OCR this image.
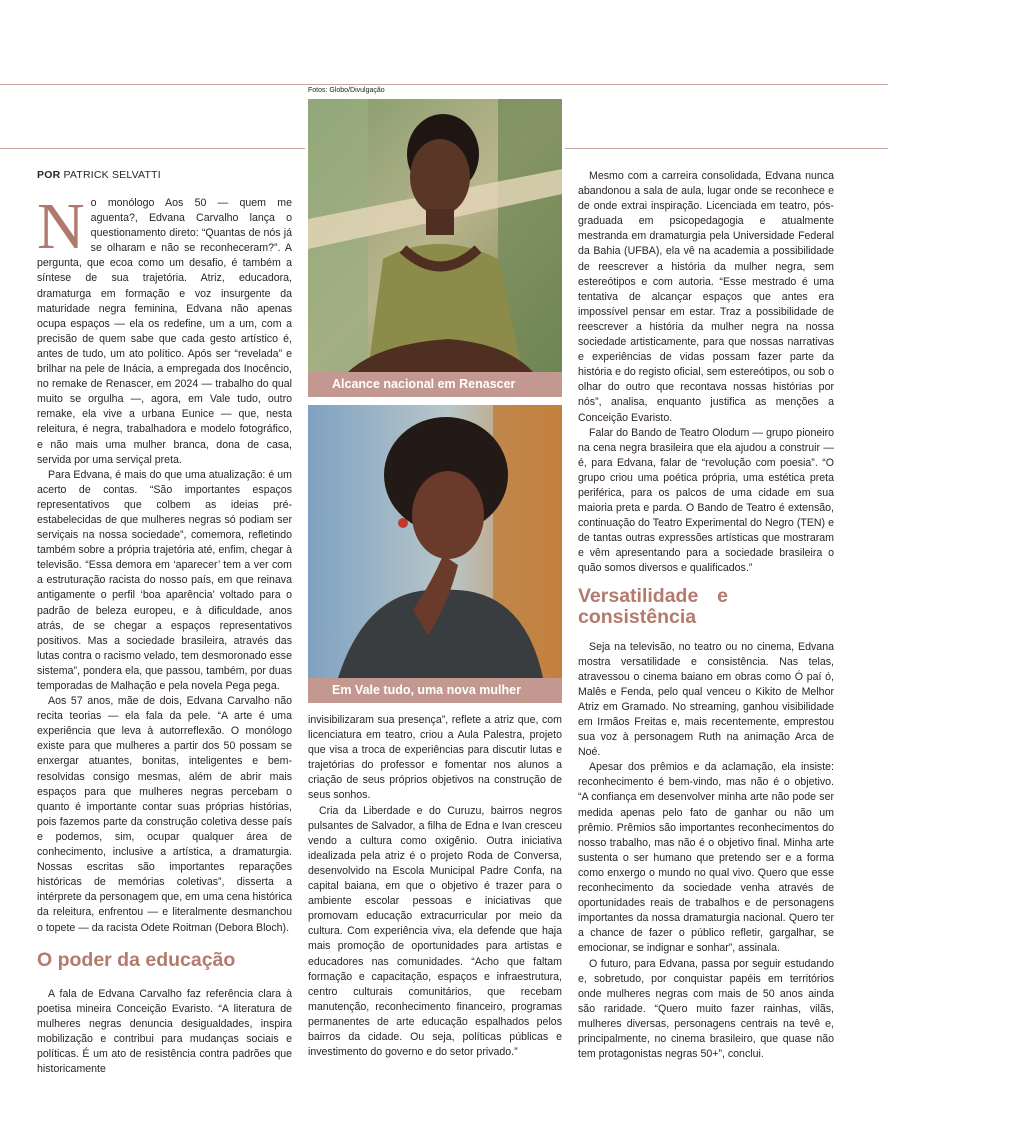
POR PATRICK SELVATTI
N o monólogo Aos 50 — quem me aguenta?, Edvana Carvalho lança o questionamento direto: “Quantas de nós já se olharam e não se reconheceram?”. A pergunta, que ecoa como um desafio, é também a síntese de sua trajetória. Atriz, educadora, dramaturga em formação e voz insurgente da maturidade negra feminina, Edvana não apenas ocupa espaços — ela os redefine, um a um, com a precisão de quem sabe que cada gesto artístico é, antes de tudo, um ato político. Após ser “revelada” e brilhar na pele de Inácia, a empregada dos Inocêncio, no remake de Renascer, em 2024 — trabalho do qual muito se orgulha —, agora, em Vale tudo, outro remake, ela vive a urbana Eunice — que, nesta releitura, é negra, trabalhadora e modelo fotográfico, e não mais uma mulher branca, dona de casa, servida por uma serviçal preta.

Para Edvana, é mais do que uma atualização: é um acerto de contas. “São importantes espaços representativos que colbem as ideias pré-estabelecidas de que mulheres negras só podiam ser serviçais na nossa sociedade”, comemora, refletindo também sobre a própria trajetória até, enfim, chegar à televisão. “Essa demora em ‘aparecer’ tem a ver com a estruturação racista do nosso país, em que reinava antigamente o perfil ‘boa aparência’ voltado para o padrão de beleza europeu, e à dificuldade, anos atrás, de se chegar a espaços representativos positivos. Mas a sociedade brasileira, através das lutas contra o racismo velado, tem desmoronado esse sistema”, pondera ela, que passou, também, por duas temporadas de Malhação e pela novela Pega pega.

Aos 57 anos, mãe de dois, Edvana Carvalho não recita teorias — ela fala da pele. “A arte é uma experiência que leva à autorreflexão. O monólogo existe para que mulheres a partir dos 50 possam se enxergar atuantes, bonitas, inteligentes e bem-resolvidas consigo mesmas, além de abrir mais espaços para que mulheres negras percebam o quanto é importante contar suas próprias histórias, pois fazemos parte da construção coletiva desse país e podemos, sim, ocupar qualquer área de conhecimento, inclusive a artística, a dramaturgia. Nossas escritas são importantes reparações históricas de memórias coletivas”, disserta a intérprete da personagem que, em uma cena histórica da releitura, enfrentou — e literalmente desmanchou o topete — da racista Odete Roitman (Debora Bloch).

O poder da educação

A fala de Edvana Carvalho faz referência clara à poetisa mineira Conceição Evaristo. “A literatura de mulheres negras denuncia desigualdades, inspira mobilização e contribui para mudanças sociais e políticas. É um ato de resistência contra padrões que historicamente

Fotos: Globo/Divulgação
Alcance nacional em Renascer
Em Vale tudo, uma nova mulher

invisibilizaram sua presença”, reflete a atriz que, com licenciatura em teatro, criou a Aula Palestra, projeto que visa a troca de experiências para discutir lutas e trajetórias do professor e fomentar nos alunos a criação de seus próprios objetivos na construção de seus sonhos.

Cria da Liberdade e do Curuzu, bairros negros pulsantes de Salvador, a filha de Edna e Ivan cresceu vendo a cultura como oxigênio. Outra iniciativa idealizada pela atriz é o projeto Roda de Conversa, desenvolvido na Escola Municipal Padre Confa, na capital baiana, em que o objetivo é trazer para o ambiente escolar pessoas e iniciativas que promovam educação extracurricular por meio da cultura. Com experiência viva, ela defende que haja mais promoção de oportunidades para artistas e educadores nas comunidades. “Acho que faltam formação e capacitação, espaços e infraestrutura, centro culturais comunitários, que recebam manutenção, reconhecimento financeiro, programas permanentes de arte educação espalhados pelos bairros da cidade. Ou seja, políticas públicas e investimento do governo e do setor privado.”

Mesmo com a carreira consolidada, Edvana nunca abandonou a sala de aula, lugar onde se reconhece e de onde extrai inspiração. Licenciada em teatro, pós-graduada em psicopedagogia e atualmente mestranda em dramaturgia pela Universidade Federal da Bahia (UFBA), ela vê na academia a possibilidade de reescrever a história da mulher negra, sem estereótipos e com autoria. “Esse mestrado é uma tentativa de alcançar espaços que antes era impossível pensar em estar. Traz a possibilidade de reescrever a história da mulher negra na nossa sociedade artisticamente, para que nossas narrativas e experiências de vidas possam fazer parte da história e do registo oficial, sem estereótipos, ou sob o olhar do outro que recontava nossas histórias por nós”, analisa, enquanto justifica as menções a Conceição Evaristo.

Falar do Bando de Teatro Olodum — grupo pioneiro na cena negra brasileira que ela ajudou a construir — é, para Edvana, falar de “revolução com poesia”. “O grupo criou uma poética própria, uma estética preta periférica, para os palcos de uma cidade em sua maioria preta e parda. O Bando de Teatro é extensão, continuação do Teatro Experimental do Negro (TEN) e de tantas outras expressões artísticas que mostraram e vêm apresentando para a sociedade brasileira o quão somos diversos e qualificados.”

Versatilidade e consistência

Seja na televisão, no teatro ou no cinema, Edvana mostra versatilidade e consistência. Nas telas, atravessou o cinema baiano em obras como Ó paí ó, Malês e Fenda, pelo qual venceu o Kikito de Melhor Atriz em Gramado. No streaming, ganhou visibilidade em Irmãos Freitas e, mais recentemente, emprestou sua voz à personagem Ruth na animação Arca de Noé.

Apesar dos prêmios e da aclamação, ela insiste: reconhecimento é bem-vindo, mas não é o objetivo. “A confiança em desenvolver minha arte não pode ser medida apenas pelo fato de ganhar ou não um prêmio. Prêmios são importantes reconhecimentos do nosso trabalho, mas não é o objetivo final. Minha arte sustenta o ser humano que pretendo ser e a forma como enxergo o mundo no qual vivo. Quero que esse reconhecimento da sociedade venha através de oportunidades reais de trabalhos e de personagens importantes da nossa dramaturgia nacional. Quero ter a chance de fazer o público refletir, gargalhar, se emocionar, se indignar e sonhar”, assinala.

O futuro, para Edvana, passa por seguir estudando e, sobretudo, por conquistar papéis em territórios onde mulheres negras com mais de 50 anos ainda são raridade. “Quero muito fazer rainhas, vilãs, mulheres diversas, personagens centrais na tevê e, principalmente, no cinema brasileiro, que quase não tem protagonistas negras 50+”, conclui.
